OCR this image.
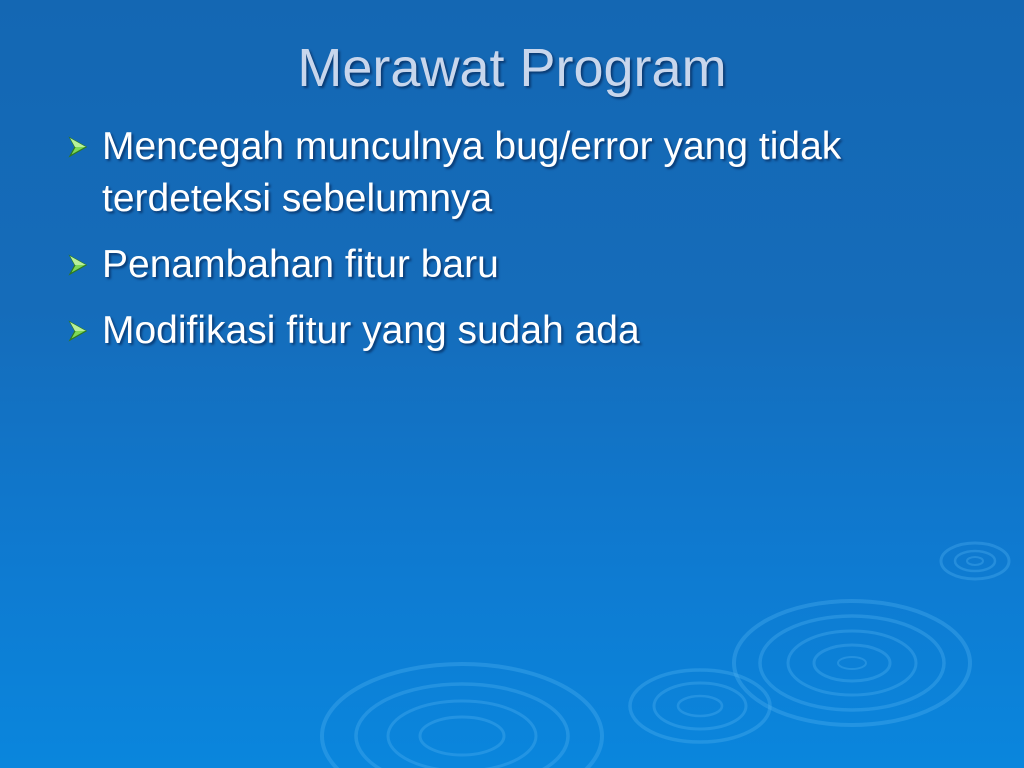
Merawat Program
Mencegah munculnya bug/error yang tidak terdeteksi sebelumnya
Penambahan fitur baru
Modifikasi fitur yang sudah ada
